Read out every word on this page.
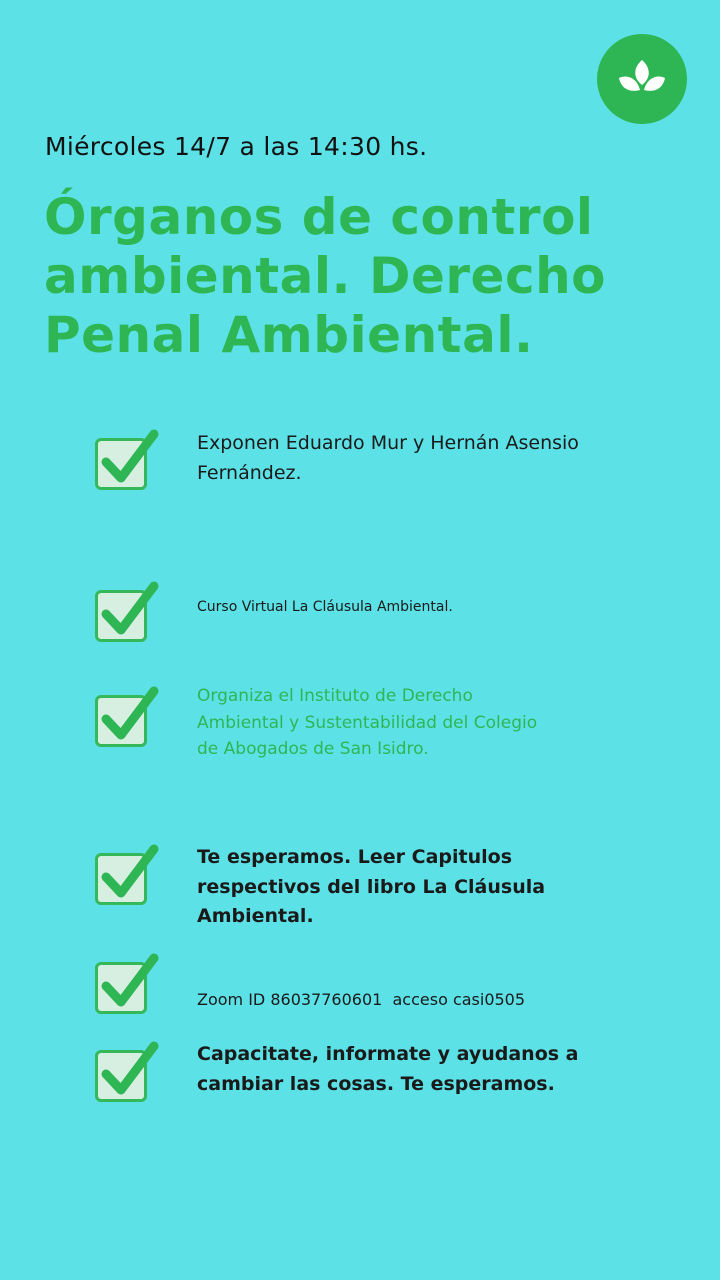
Miércoles 14/7 a las 14:30 hs.
Órganos de control
ambiental. Derecho
Penal Ambiental.
Exponen Eduardo Mur y Hernán Asensio
Fernández.
Curso Virtual La Cláusula Ambiental.
Organiza el Instituto de Derecho
Ambiental y Sustentabilidad del Colegio
de Abogados de San Isidro.
Te esperamos. Leer Capitulos
respectivos del libro La Cláusula
Ambiental.
Zoom ID 86037760601  acceso casi0505
Capacitate, informate y ayudanos a
cambiar las cosas. Te esperamos.
